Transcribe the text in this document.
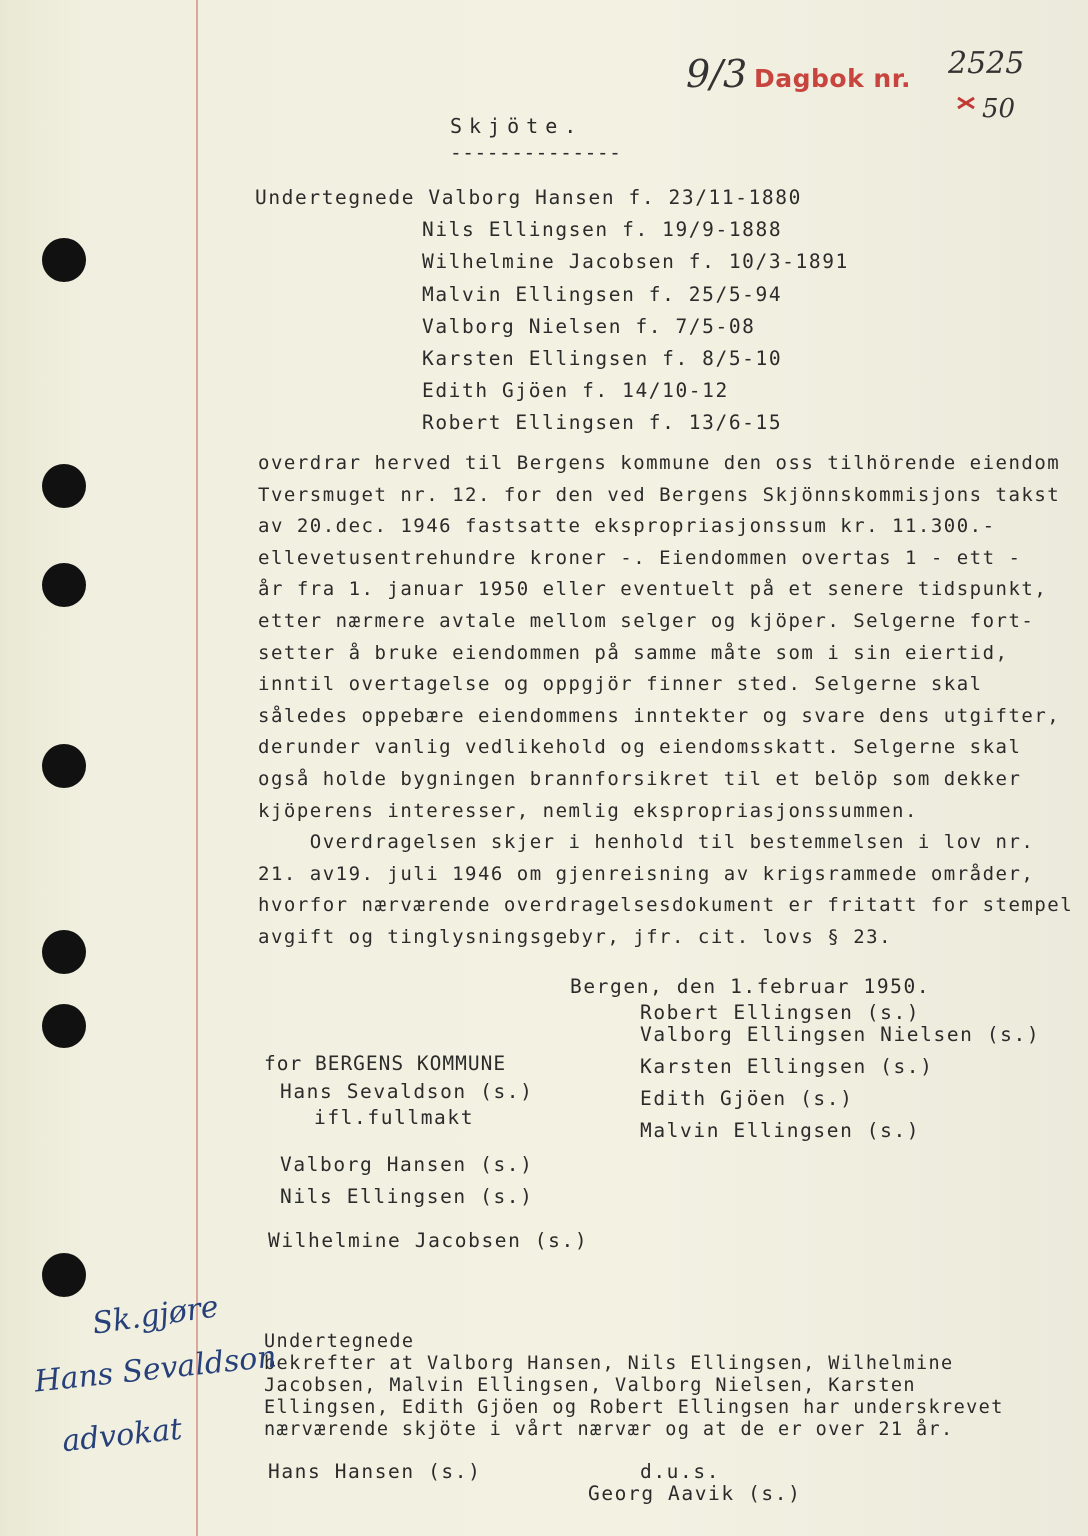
9/3 Dagbok nr. 2525
50
Skjöte.
--------------
Undertegnede Valborg Hansen f. 23/11-1880
Nils Ellingsen f. 19/9-1888
Wilhelmine Jacobsen f. 10/3-1891
Malvin Ellingsen f. 25/5-94
Valborg Nielsen f. 7/5-08
Karsten Ellingsen f. 8/5-10
Edith Gjöen f. 14/10-12
Robert Ellingsen f. 13/6-15
overdrar herved til Bergens kommune den oss tilhörende eiendom
Tversmuget nr. 12. for den ved Bergens Skjönnskommisjons takst
av 20.dec. 1946 fastsatte ekspropriasjonssum kr. 11.300.-
ellevetusentrehundre kroner -. Eiendommen overtas 1 - ett -
år fra 1. januar 1950 eller eventuelt på et senere tidspunkt,
etter nærmere avtale mellom selger og kjöper. Selgerne fort-
setter å bruke eiendommen på samme måte som i sin eiertid,
inntil overtagelse og oppgjör finner sted. Selgerne skal
således oppebære eiendommens inntekter og svare dens utgifter,
derunder vanlig vedlikehold og eiendomsskatt. Selgerne skal
også holde bygningen brannforsikret til et belöp som dekker
kjöperens interesser, nemlig ekspropriasjonssummen.
Overdragelsen skjer i henhold til bestemmelsen i lov nr.
21. av19. juli 1946 om gjenreisning av krigsrammede områder,
hvorfor nærværende overdragelsesdokument er fritatt for stempel
avgift og tinglysningsgebyr, jfr. cit. lovs § 23.
Bergen, den 1.februar 1950.
Robert Ellingsen (s.)
Valborg Ellingsen Nielsen (s.)
Karsten Ellingsen (s.)
Edith Gjöen (s.)
Malvin Ellingsen (s.)
for BERGENS KOMMUNE
Hans Sevaldson (s.)
ifl.fullmakt
Valborg Hansen (s.)
Nils Ellingsen (s.)
Wilhelmine Jacobsen (s.)
Undertegnede
bekrefter at Valborg Hansen, Nils Ellingsen, Wilhelmine
Jacobsen, Malvin Ellingsen, Valborg Nielsen, Karsten
Ellingsen, Edith Gjöen og Robert Ellingsen har underskrevet
nærværende skjöte i vårt nærvær og at de er over 21 år.
d.u.s.
Hans Hansen (s.)
Georg Aavik (s.)
Sk.gjøre
Hans Sevaldson
advokat
